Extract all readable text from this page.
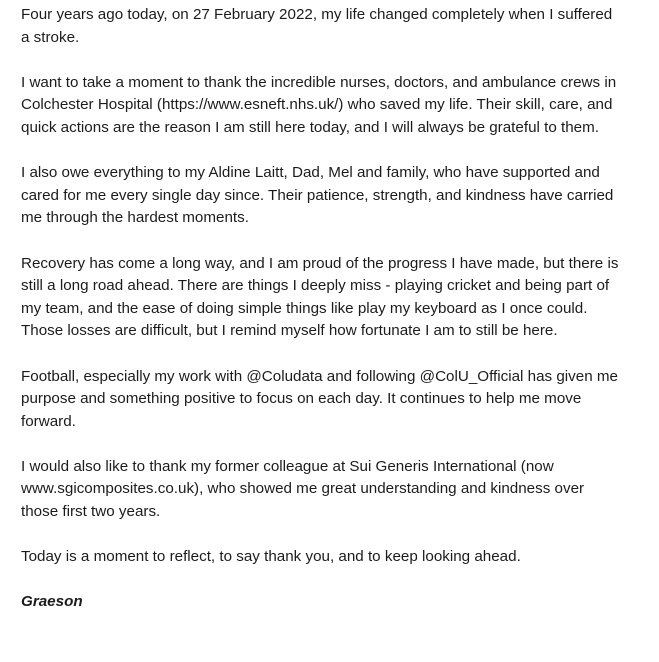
Four years ago today, on 27 February 2022, my life changed completely when I suffered a stroke.

I want to take a moment to thank the incredible nurses, doctors, and ambulance crews in Colchester Hospital (https://www.esneft.nhs.uk/) who saved my life. Their skill, care, and quick actions are the reason I am still here today, and I will always be grateful to them.

I also owe everything to my Aldine Laitt, Dad, Mel and family, who have supported and cared for me every single day since. Their patience, strength, and kindness have carried me through the hardest moments.

Recovery has come a long way, and I am proud of the progress I have made, but there is still a long road ahead. There are things I deeply miss - playing cricket and being part of my team, and the ease of doing simple things like play my keyboard as I once could. Those losses are difficult, but I remind myself how fortunate I am to still be here.

Football, especially my work with @Coludata and following @ColU_Official has given me purpose and something positive to focus on each day. It continues to help me move forward.

I would also like to thank my former colleague at Sui Generis International (now www.sgicomposites.co.uk), who showed me great understanding and kindness over those first two years.

Today is a moment to reflect, to say thank you, and to keep looking ahead.

Graeson
